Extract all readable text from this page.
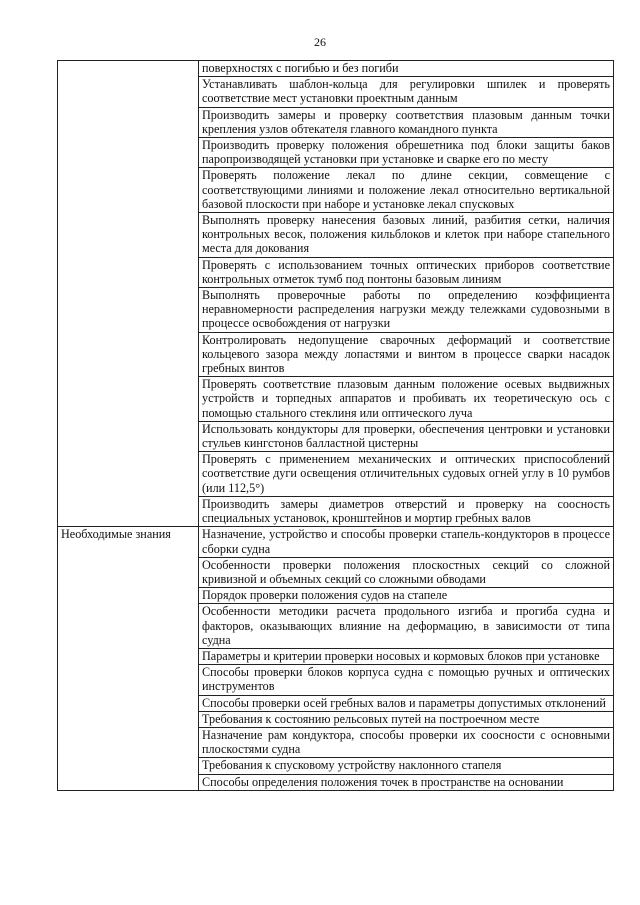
26
	поверхностях с погибью и без погиби
	Устанавливать шаблон-кольца для регулировки шпилек и проверять соответствие мест установки проектным данным
	Производить замеры и проверку соответствия плазовым данным точки крепления узлов обтекателя главного командного пункта
	Производить проверку положения обрешетника под блоки защиты баков паропроизводящей установки при установке и сварке его по месту
	Проверять положение лекал по длине секции, совмещение с соответствующими линиями и положение лекал относительно вертикальной базовой плоскости при наборе и установке лекал спусковых
	Выполнять проверку нанесения базовых линий, разбития сетки, наличия контрольных весок, положения кильблоков и клеток при наборе стапельного места для докования
	Проверять с использованием точных оптических приборов соответствие контрольных отметок тумб под понтоны базовым линиям
	Выполнять проверочные работы по определению коэффициента неравномерности распределения нагрузки между тележками судовозными в процессе освобождения от нагрузки
	Контролировать недопущение сварочных деформаций и соответствие кольцевого зазора между лопастями и винтом в процессе сварки насадок гребных винтов
	Проверять соответствие плазовым данным положение осевых выдвижных устройств и торпедных аппаратов и пробивать их теоретическую ось с помощью стального стеклиня или оптического луча
	Использовать кондукторы для проверки, обеспечения центровки и установки стульев кингстонов балластной цистерны
	Проверять с применением механических и оптических приспособлений соответствие дуги освещения отличительных судовых огней углу в 10 румбов (или 112,5°)
	Производить замеры диаметров отверстий и проверку на соосность специальных установок, кронштейнов и мортир гребных валов
Необходимые знания	Назначение, устройство и способы проверки стапель-кондукторов в процессе сборки судна
	Особенности проверки положения плоскостных секций со сложной кривизной и объемных секций со сложными обводами
	Порядок проверки положения судов на стапеле
	Особенности методики расчета продольного изгиба и прогиба судна и факторов, оказывающих влияние на деформацию, в зависимости от типа судна
	Параметры и критерии проверки носовых и кормовых блоков при установке
	Способы проверки блоков корпуса судна с помощью ручных и оптических инструментов
	Способы проверки осей гребных валов и параметры допустимых отклонений
	Требования к состоянию рельсовых путей на построечном месте
	Назначение рам кондуктора, способы проверки их соосности с основными плоскостями судна
	Требования к спусковому устройству наклонного стапеля
	Способы определения положения точек в пространстве на основании
